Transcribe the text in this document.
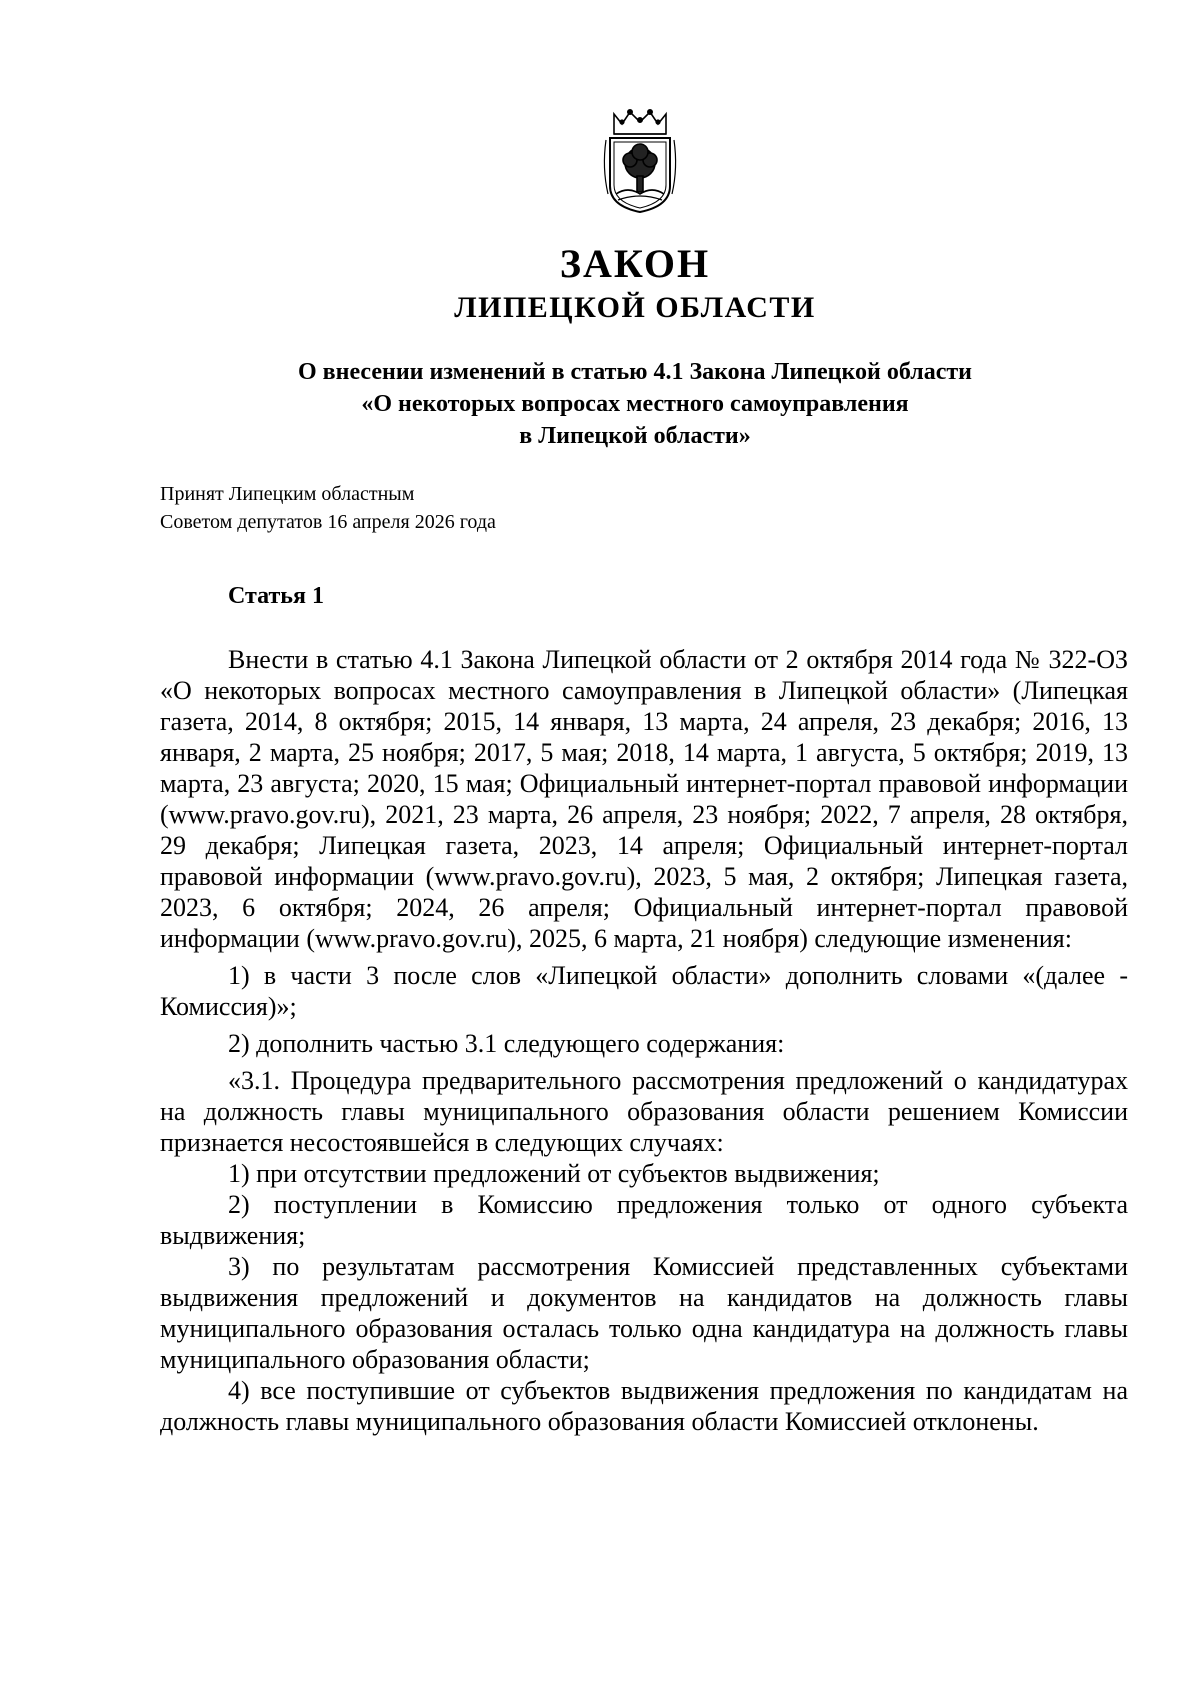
ЗАКОН
ЛИПЕЦКОЙ ОБЛАСТИ
О внесении изменений в статью 4.1 Закона Липецкой области
«О некоторых вопросах местного самоуправления
в Липецкой области»
Принят Липецким областным
Советом депутатов 16 апреля 2026 года
Статья 1

Внести в статью 4.1 Закона Липецкой области от 2 октября 2014 года № 322-ОЗ «О некоторых вопросах местного самоуправления в Липецкой области» (Липецкая газета, 2014, 8 октября; 2015, 14 января, 13 марта, 24 апреля, 23 декабря; 2016, 13 января, 2 марта, 25 ноября; 2017, 5 мая; 2018, 14 марта, 1 августа, 5 октября; 2019, 13 марта, 23 августа; 2020, 15 мая; Официальный интернет-портал правовой информации (www.pravo.gov.ru), 2021, 23 марта, 26 апреля, 23 ноября; 2022, 7 апреля, 28 октября, 29 декабря; Липецкая газета, 2023, 14 апреля; Официальный интернет-портал правовой информации (www.pravo.gov.ru), 2023, 5 мая, 2 октября; Липецкая газета, 2023, 6 октября; 2024, 26 апреля; Официальный интернет-портал правовой информации (www.pravo.gov.ru), 2025, 6 марта, 21 ноября) следующие изменения:

1) в части 3 после слов «Липецкой области» дополнить словами «(далее - Комиссия)»;

2) дополнить частью 3.1 следующего содержания:

«3.1. Процедура предварительного рассмотрения предложений о кандидатурах на должность главы муниципального образования области решением Комиссии признается несостоявшейся в следующих случаях:

1) при отсутствии предложений от субъектов выдвижения;

2) поступлении в Комиссию предложения только от одного субъекта выдвижения;

3) по результатам рассмотрения Комиссией представленных субъектами выдвижения предложений и документов на кандидатов на должность главы муниципального образования осталась только одна кандидатура на должность главы муниципального образования области;

4) все поступившие от субъектов выдвижения предложения по кандидатам на должность главы муниципального образования области Комиссией отклонены.
